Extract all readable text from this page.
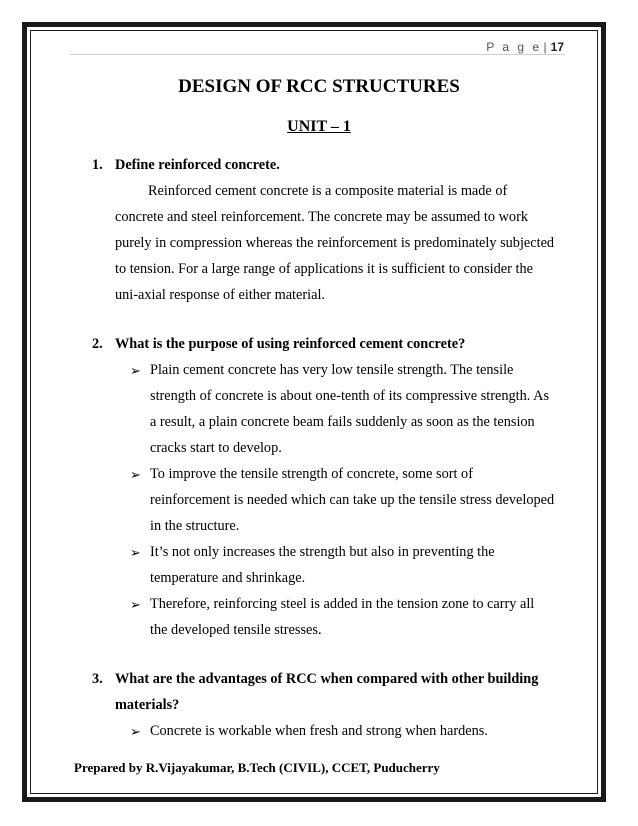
P a g e | 17
DESIGN OF RCC STRUCTURES
UNIT – 1
1. Define reinforced concrete.
Reinforced cement concrete is a composite material is made of
concrete and steel reinforcement. The concrete may be assumed to work
purely in compression whereas the reinforcement is predominately subjected
to tension. For a large range of applications it is sufficient to consider the
uni-axial response of either material.
2. What is the purpose of using reinforced cement concrete?
➢ Plain cement concrete has very low tensile strength. The tensile
strength of concrete is about one-tenth of its compressive strength. As
a result, a plain concrete beam fails suddenly as soon as the tension
cracks start to develop.
➢ To improve the tensile strength of concrete, some sort of
reinforcement is needed which can take up the tensile stress developed
in the structure.
➢ It’s not only increases the strength but also in preventing the
temperature and shrinkage.
➢ Therefore, reinforcing steel is added in the tension zone to carry all
the developed tensile stresses.
3. What are the advantages of RCC when compared with other building
materials?
➢ Concrete is workable when fresh and strong when hardens.
Prepared by R.Vijayakumar, B.Tech (CIVIL), CCET, Puducherry
